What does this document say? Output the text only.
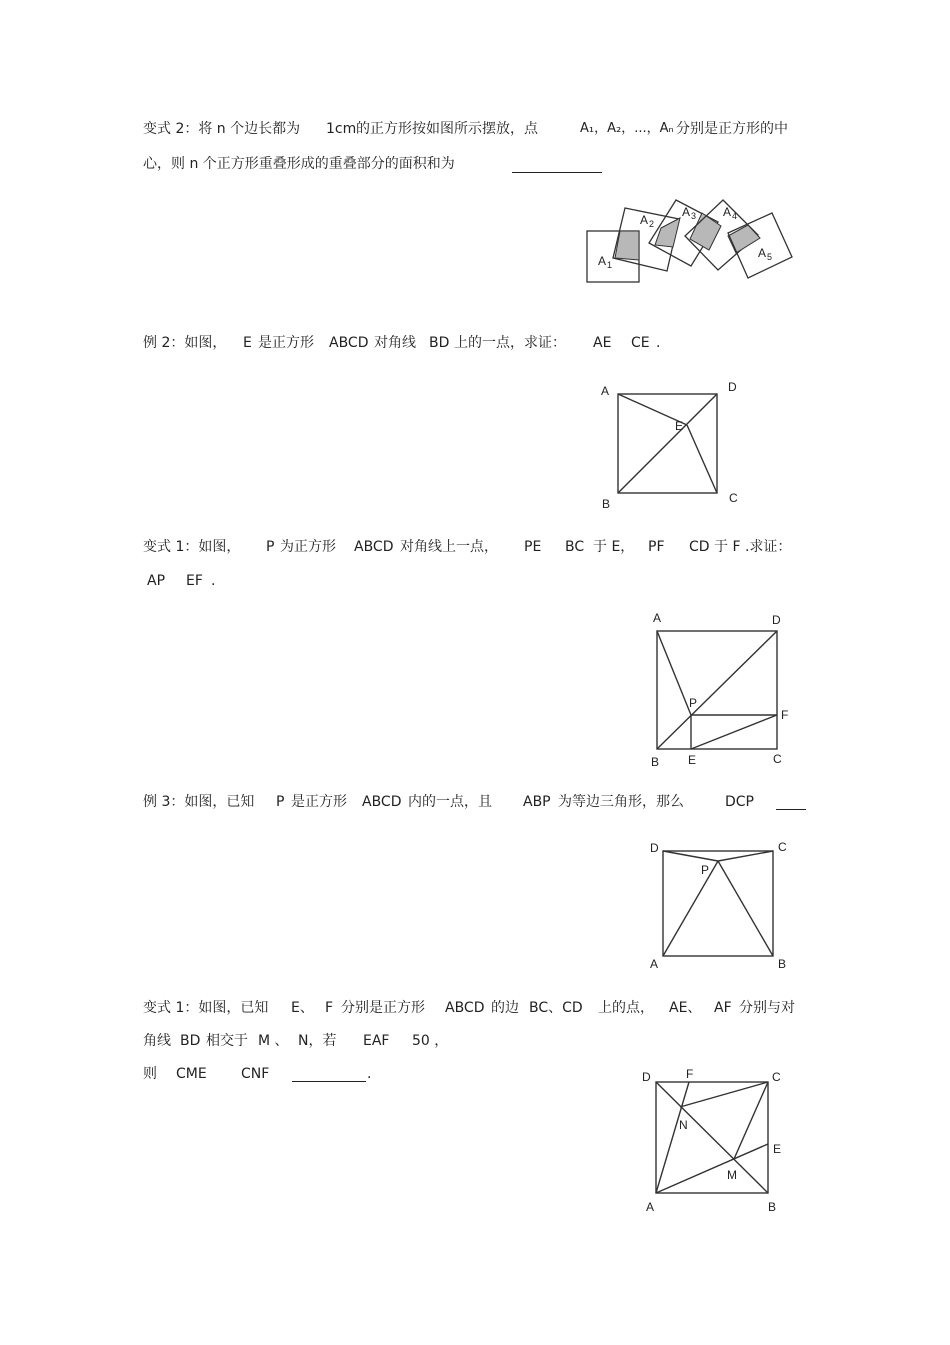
变式 2：将 n 个边长都为 1cm 的正方形按如图所示摆放，点	A₁，A₂，...，Aₙ 分别是正方形的中
心，则 n 个正方形重叠形成的重叠部分的面积和为
A 1
A 2
A 3 A 4
A 5
例 2：如图， E 是正方形 ABCD 对角线 BD 上的一点，求证： AE CE .
A	D
E
B	C
变式 1：如图， P 为正方形 ABCD 对角线上一点， PE BC 于 E， PF CD 于 F .求证：
AP EF .
A	D
P
F
B E	C
例 3：如图，已知 P 是正方形 ABCD 内的一点，且 ABP 为等边三角形，那么	DCP
D	C
P
A	B
变式 1：如图，已知 E、 F 分别是正方形 ABCD 的边 BC、CD 上的点， AE、 AF 分别与对
角线 BD 相交于 M 、 N，若 EAF 50 ，
则 CME CNF	.	D	F	C
N
E
M
A	B
